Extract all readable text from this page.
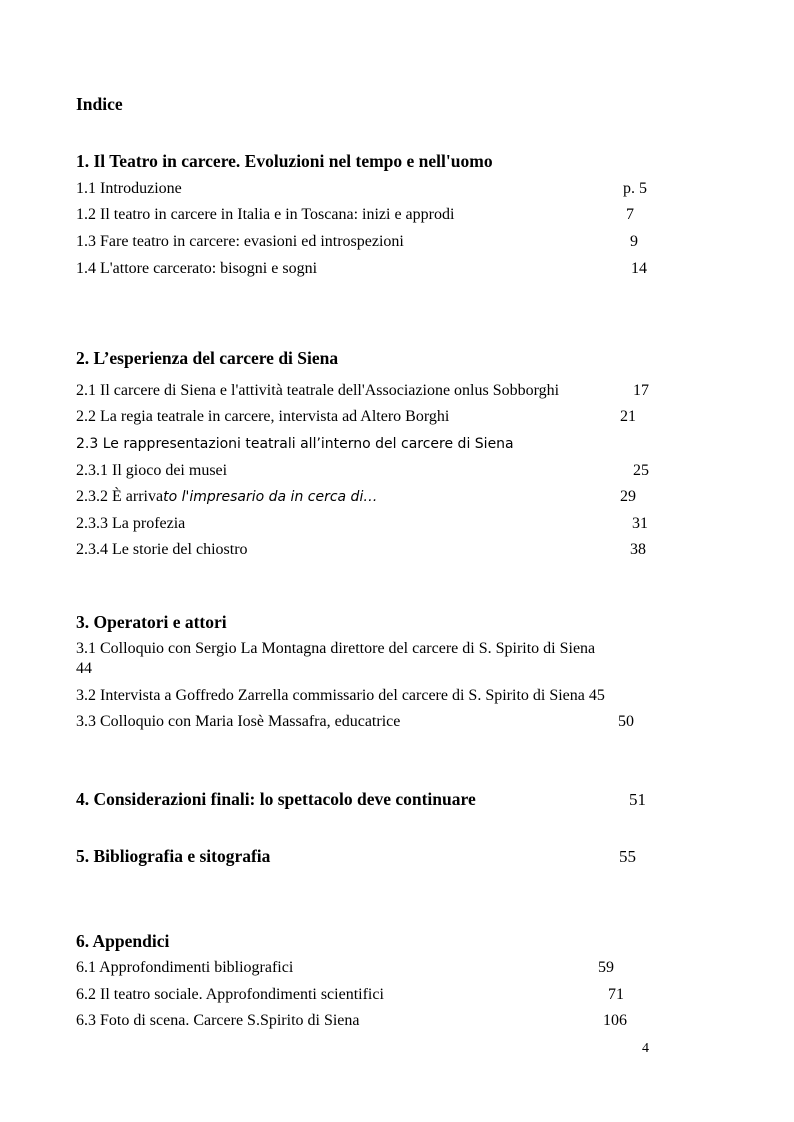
Indice
1. Il Teatro in carcere. Evoluzioni nel tempo e nell'uomo
1.1 Introduzione	p. 5
1.2 Il teatro in carcere in Italia e in Toscana: inizi e approdi	7
1.3 Fare teatro in carcere: evasioni ed introspezioni	9
1.4 L'attore carcerato: bisogni e sogni	14
2. L’esperienza del carcere di Siena
2.1 Il carcere di Siena e l'attività teatrale dell'Associazione onlus Sobborghi	17
2.2 La regia teatrale in carcere, intervista ad Altero Borghi	21
2.3 Le rappresentazioni teatrali all’interno del carcere di Siena
2.3.1 Il gioco dei musei	25
2.3.2 È arrivato l'impresario da in cerca di…	29
2.3.3 La profezia	31
2.3.4 Le storie del chiostro	38
3. Operatori e attori
3.1 Colloquio con Sergio La Montagna direttore del carcere di S. Spirito di Siena
44
3.2 Intervista a Goffredo Zarrella commissario del carcere di S. Spirito di Siena 45
3.3 Colloquio con Maria Iosè Massafra, educatrice	50
4. Considerazioni finali: lo spettacolo deve continuare	51
5. Bibliografia e sitografia	55
6. Appendici
6.1 Approfondimenti bibliografici	59
6.2 Il teatro sociale. Approfondimenti scientifici	71
6.3 Foto di scena. Carcere S.Spirito di Siena	106
4
